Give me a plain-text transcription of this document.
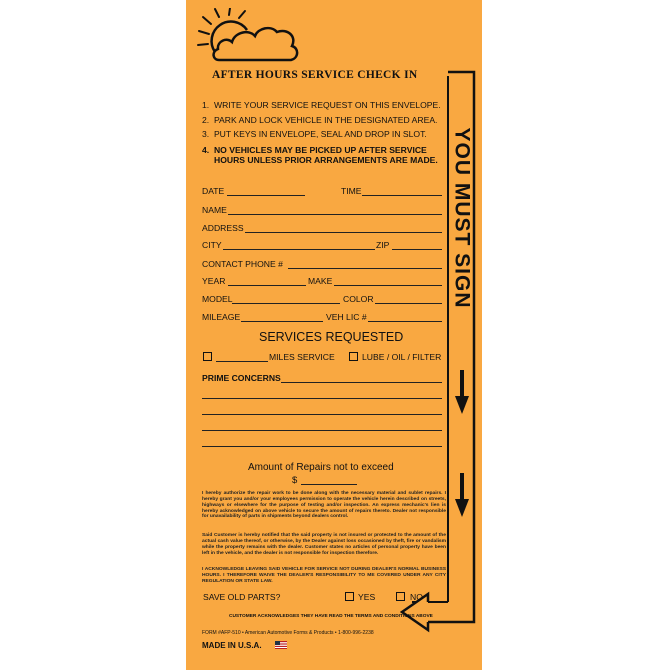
AFTER HOURS SERVICE CHECK IN
1. WRITE YOUR SERVICE REQUEST ON THIS ENVELOPE.
2. PARK AND LOCK VEHICLE IN THE DESIGNATED AREA.
3. PUT KEYS IN ENVELOPE, SEAL AND DROP IN SLOT.
4. NO VEHICLES MAY BE PICKED UP AFTER SERVICE
HOURS UNLESS PRIOR ARRANGEMENTS ARE MADE. YOU MUST SIGN
DATE	TIME
NAME
ADDRESS
CITY	ZIP
CONTACT PHONE #
YEAR	MAKE
MODEL	COLOR
MILEAGE	VEH LIC #
SERVICES REQUESTED
MILES SERVICE	LUBE / OIL / FILTER
PRIME CONCERNS
Amount of Repairs not to exceed
$
I hereby authorize the repair work to be done along with the necessary material and sublet repairs. I hereby grant you and/or your employees permission to operate the vehicle herein described on streets, highways or elsewhere for the purpose of testing and/or inspection. An express mechanic's lien is hereby acknowledged on above vehicle to secure the amount of repairs thereto. Dealer not responsible for unavailability of parts in shipments beyond dealers control.
Said Customer is hereby notified that the said property is not insured or protected to the amount of the actual cash value thereof, or otherwise, by the Dealer against loss occasioned by theft, fire or vandalism while the property remains with the dealer. Customer states no articles of personal property have been left in the vehicle, and the dealer is not responsible for inspection therefore.
I ACKNOWLEDGE LEAVING SAID VEHICLE FOR SERVICE NOT DURING DEALER'S NORMAL BUSINESS HOURS. I THEREFORE WAIVE THE DEALER'S RESPONSIBILITY TO ME COVERED UNDER ANY CITY REGULATION OR STATE LAW.
SAVE OLD PARTS?	YES	NO
CUSTOMER ACKNOWLEDGES THEY HAVE READ THE TERMS AND CONDITIONS ABOVE
FORM #AFP-510 • American Automotive Forms & Products • 1-800-996-2238
MADE IN U.S.A.
